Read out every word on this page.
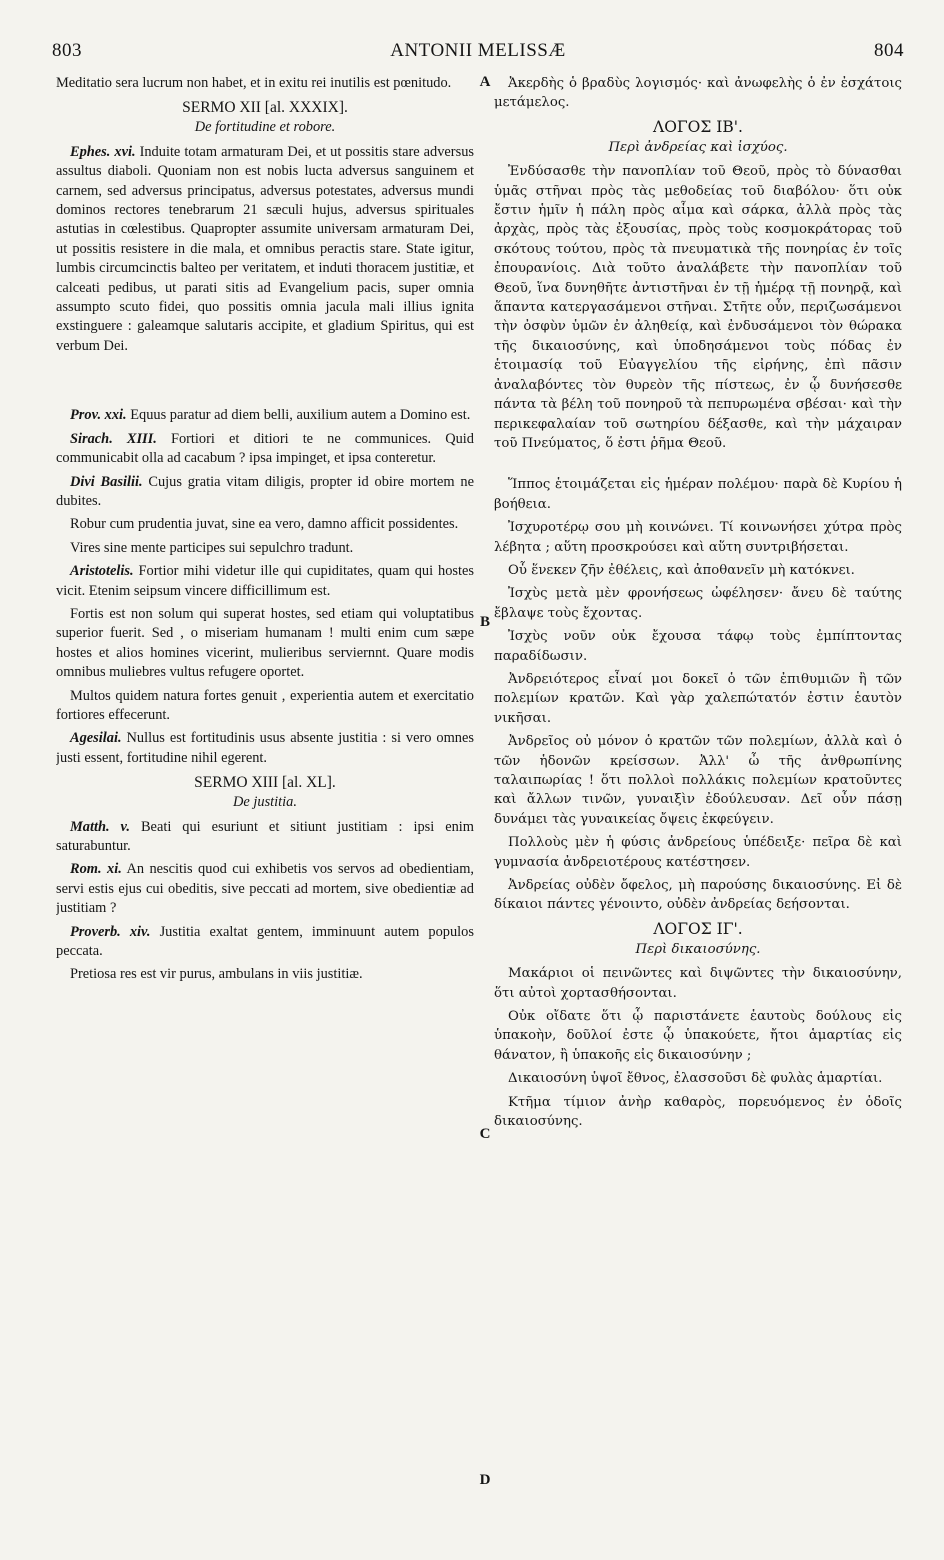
803	ANTONII MELISSÆ	804
A
B
C
D

Meditatio sera lucrum non habet, et in exitu rei inutilis est pœnitudo.

SERMO XII [al. XXXIX].

De fortitudine et robore.

Ephes. xvi. Induite totam armaturam Dei, et ut possitis stare adversus assultus diaboli. Quoniam non est nobis lucta adversus sanguinem et carnem, sed adversus principatus, adversus potestates, adversus mundi dominos rectores tenebrarum 21 sæculi hujus, adversus spirituales astutias in cœlestibus. Quapropter assumite universam armaturam Dei, ut possitis resistere in die mala, et omnibus peractis stare. State igitur, lumbis circumcinctis balteo per veritatem, et induti thoracem justitiæ, et calceati pedibus, ut parati sitis ad Evangelium pacis, super omnia assumpto scuto fidei, quo possitis omnia jacula mali illius ignita exstinguere : galeamque salutaris accipite, et gladium Spiritus, qui est verbum Dei.

Prov. xxi. Equus paratur ad diem belli, auxilium autem a Domino est.

Sirach. XIII. Fortiori et ditiori te ne communices. Quid communicabit olla ad cacabum ? ipsa impinget, et ipsa conteretur.

Divi Basilii. Cujus gratia vitam diligis, propter id obire mortem ne dubites.

Robur cum prudentia juvat, sine ea vero, damno afficit possidentes.

Vires sine mente participes sui sepulchro tradunt.

Aristotelis. Fortior mihi videtur ille qui cupiditates, quam qui hostes vicit. Etenim seipsum vincere difficillimum est.

Fortis est non solum qui superat hostes, sed etiam qui voluptatibus superior fuerit. Sed , o miseriam humanam ! multi enim cum sæpe hostes et alios homines vicerint, mulieribus serviernnt. Quare modis omnibus muliebres vultus refugere oportet.

Multos quidem natura fortes genuit , experientia autem et exercitatio fortiores effecerunt.

Agesilai. Nullus est fortitudinis usus absente justitia : si vero omnes justi essent, fortitudine nihil egerent.

SERMO XIII [al. XL].

De justitia.

Matth. v. Beati qui esuriunt et sitiunt justitiam : ipsi enim saturabuntur.

Rom. xi. An nescitis quod cui exhibetis vos servos ad obedientiam, servi estis ejus cui obeditis, sive peccati ad mortem, sive obedientiæ ad justitiam ?

Proverb. xiv. Justitia exaltat gentem, imminuunt autem populos peccata.

Pretiosa res est vir purus, ambulans in viis justitiæ.

Ἀκερδὴς ὁ βραδὺς λογισμός· καὶ ἀνωφελὴς ὁ ἐν ἐσχάτοις μετάμελος.

ΛΟΓΟΣ ΙΒ'.

Περὶ ἀνδρείας καὶ ἰσχύος.

Ἐνδύσασθε τὴν πανοπλίαν τοῦ Θεοῦ, πρὸς τὸ δύνασθαι ὑμᾶς στῆναι πρὸς τὰς μεθοδείας τοῦ διαβόλου· ὅτι οὐκ ἔστιν ἡμῖν ἡ πάλη πρὸς αἷμα καὶ σάρκα, ἀλλὰ πρὸς τὰς ἀρχὰς, πρὸς τὰς ἐξουσίας, πρὸς τοὺς κοσμοκράτορας τοῦ σκότους τούτου, πρὸς τὰ πνευματικὰ τῆς πονηρίας ἐν τοῖς ἐπουρανίοις. Διὰ τοῦτο ἀναλάβετε τὴν πανοπλίαν τοῦ Θεοῦ, ἵνα δυνηθῆτε ἀντιστῆναι ἐν τῇ ἡμέρᾳ τῇ πονηρᾷ, καὶ ἅπαντα κατεργασάμενοι στῆναι. Στῆτε οὖν, περιζωσάμενοι τὴν ὀσφὺν ὑμῶν ἐν ἀληθείᾳ, καὶ ἐνδυσάμενοι τὸν θώρακα τῆς δικαιοσύνης, καὶ ὑποδησάμενοι τοὺς πόδας ἐν ἑτοιμασίᾳ τοῦ Εὐαγγελίου τῆς εἰρήνης, ἐπὶ πᾶσιν ἀναλαβόντες τὸν θυρεὸν τῆς πίστεως, ἐν ᾧ δυνήσεσθε πάντα τὰ βέλη τοῦ πονηροῦ τὰ πεπυρωμένα σβέσαι· καὶ τὴν περικεφαλαίαν τοῦ σωτηρίου δέξασθε, καὶ τὴν μάχαιραν τοῦ Πνεύματος, ὅ ἐστι ῥῆμα Θεοῦ.

Ἵππος ἑτοιμάζεται εἰς ἡμέραν πολέμου· παρὰ δὲ Κυρίου ἡ βοήθεια.

Ἰσχυροτέρῳ σου μὴ κοινώνει. Τί κοινωνήσει χύτρα πρὸς λέβητα ; αὕτη προσκρούσει καὶ αὕτη συντριβήσεται.

Οὗ ἕνεκεν ζῆν ἐθέλεις, καὶ ἀποθανεῖν μὴ κατόκνει.

Ἰσχὺς μετὰ μὲν φρονήσεως ὠφέλησεν· ἄνευ δὲ ταύτης ἔβλαψε τοὺς ἔχοντας.

Ἰσχὺς νοῦν οὐκ ἔχουσα τάφῳ τοὺς ἐμπίπτοντας παραδίδωσιν.

Ἀνδρειότερος εἶναί μοι δοκεῖ ὁ τῶν ἐπιθυμιῶν ἢ τῶν πολεμίων κρατῶν. Καὶ γὰρ χαλεπώτατόν ἐστιν ἑαυτὸν νικῆσαι.

Ἀνδρεῖος οὐ μόνον ὁ κρατῶν τῶν πολεμίων, ἀλλὰ καὶ ὁ τῶν ἡδονῶν κρείσσων. Ἀλλ' ὦ τῆς ἀνθρωπίνης ταλαιπωρίας ! ὅτι πολλοὶ πολλάκις πολεμίων κρατοῦντες καὶ ἄλλων τινῶν, γυναιξὶν ἐδούλευσαν. Δεῖ οὖν πάσῃ δυνάμει τὰς γυναικείας ὄψεις ἐκφεύγειν.

Πολλοὺς μὲν ἡ φύσις ἀνδρείους ὑπέδειξε· πεῖρα δὲ καὶ γυμνασία ἀνδρειοτέρους κατέστησεν.

Ἀνδρείας οὐδὲν ὄφελος, μὴ παρούσης δικαιοσύνης. Εἰ δὲ δίκαιοι πάντες γένοιντο, οὐδὲν ἀνδρείας δεήσονται.

ΛΟΓΟΣ ΙΓ'.

Περὶ δικαιοσύνης.

Μακάριοι οἱ πεινῶντες καὶ διψῶντες τὴν δικαιοσύνην, ὅτι αὐτοὶ χορτασθήσονται.

Οὐκ οἴδατε ὅτι ᾧ παριστάνετε ἑαυτοὺς δούλους εἰς ὑπακοὴν, δοῦλοί ἐστε ᾧ ὑπακούετε, ἤτοι ἁμαρτίας εἰς θάνατον, ἢ ὑπακοῆς εἰς δικαιοσύνην ;

Δικαιοσύνη ὑψοῖ ἔθνος, ἐλασσοῦσι δὲ φυλὰς ἁμαρτίαι.

Κτῆμα τίμιον ἀνὴρ καθαρὸς, πορευόμενος ἐν ὁδοῖς δικαιοσύνης.
